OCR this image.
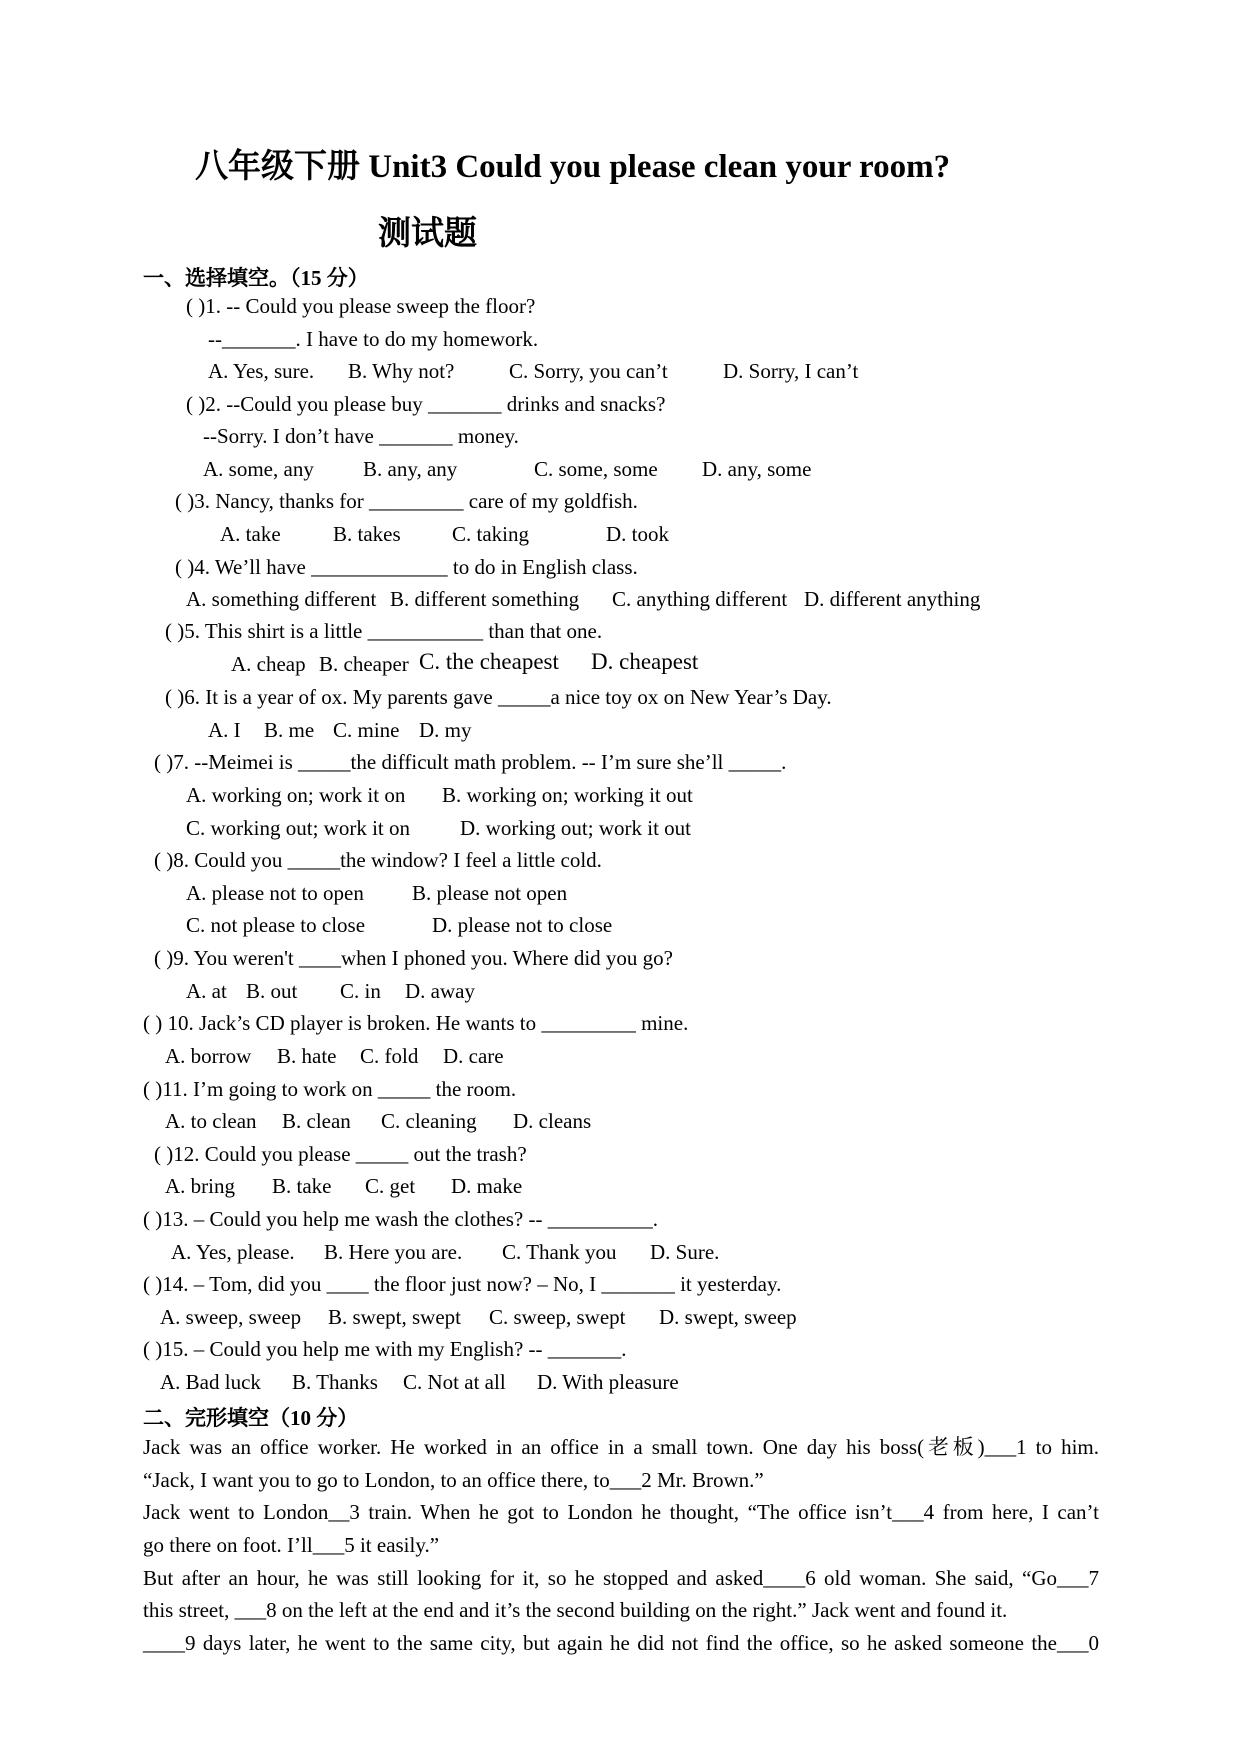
八年级下册 Unit3 Could you please clean your room?
测试题
一、选择填空。（15 分）
( )1. -- Could you please sweep the floor?
--_______. I have to do my homework.
A. Yes, sure. B. Why not?	C. Sorry, you can’t	D. Sorry, I can’t
( )2. --Could you please buy _______ drinks and snacks?
--Sorry. I don’t have _______ money.
A. some, any B. any, any	C. some, some D. any, some
( )3. Nancy, thanks for _________ care of my goldfish.
A. take B. takes C. taking	D. took
( )4. We’ll have _____________ to do in English class.
A. something different B. different something C. anything different D. different anything
( )5. This shirt is a little ___________ than that one.
A. cheap B. cheaper C. the cheapest D. cheapest
( )6. It is a year of ox. My parents gave _____a nice toy ox on New Year’s Day.
A. I B. me C. mine D. my
( )7. --Meimei is _____the difficult math problem. -- I’m sure she’ll _____.
A. working on; work it on B. working on; working it out
C. working out; work it on D. working out; work it out
( )8. Could you _____the window? I feel a little cold.
A. please not to open B. please not open
C. not please to close	D. please not to close
( )9. You weren't ____when I phoned you. Where did you go?
A. at B. out C. in D. away
( ) 10. Jack’s CD player is broken. He wants to _________ mine.
A. borrow B. hate C. fold D. care
( )11. I’m going to work on _____ the room.
A. to clean B. clean C. cleaning D. cleans
( )12. Could you please _____ out the trash?
A. bring B. take C. get D. make
( )13. – Could you help me wash the clothes? -- __________.
A. Yes, please. B. Here you are. C. Thank you D. Sure.
( )14. – Tom, did you ____ the floor just now? – No, I _______ it yesterday.
A. sweep, sweep B. swept, swept C. sweep, swept D. swept, sweep
( )15. – Could you help me with my English? -- _______.
A. Bad luck B. Thanks C. Not at all D. With pleasure
二、完形填空（10 分）
Jack was an office worker. He worked in an office in a small town. One day his boss(老板)___1 to him.
“Jack, I want you to go to London, to an office there, to___2 Mr. Brown.”
Jack went to London__3 train. When he got to London he thought, “The office isn’t___4 from here, I can’t
go there on foot. I’ll___5 it easily.”
But after an hour, he was still looking for it, so he stopped and asked____6 old woman. She said, “Go___7
this street, ___8 on the left at the end and it’s the second building on the right.” Jack went and found it.
____9 days later, he went to the same city, but again he did not find the office, so he asked someone the___0
